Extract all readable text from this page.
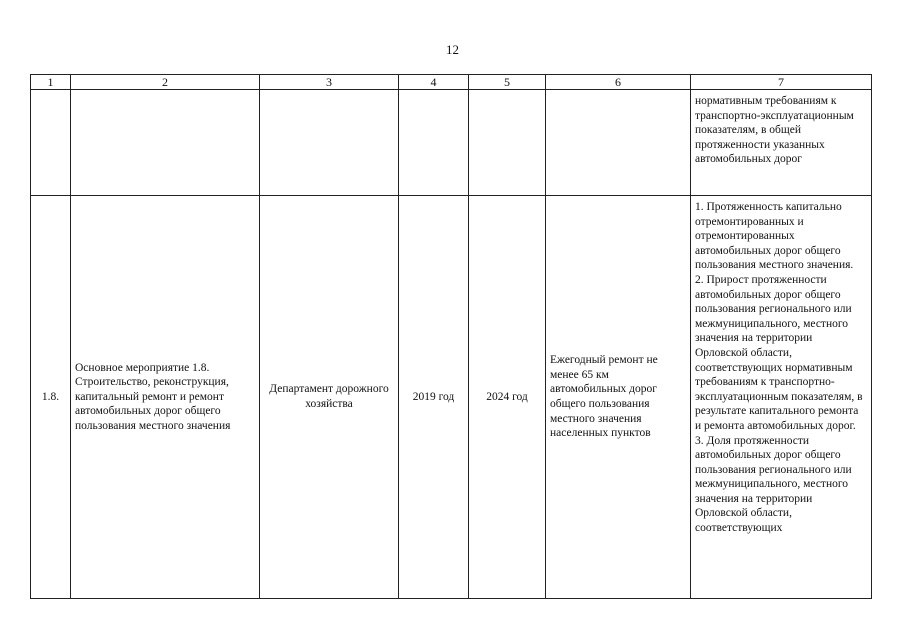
12
1	2	3	4	5	6	7
						нормативным требованиям к транспортно-эксплуатационным показателям, в общей протяженности указанных автомобильных дорог
1.8.	Основное мероприятие 1.8. Строительство, реконструкция, капитальный ремонт и ремонт автомобильных дорог общего пользования местного значения	Департамент дорожного хозяйства	2019 год	2024 год	Ежегодный ремонт не менее 65 км автомобильных дорог общего пользования местного значения населенных пунктов	1. Протяженность капитально отремонтированных и отремонтированных автомобильных дорог общего пользования местного значения.
2. Прирост протяженности автомобильных дорог общего пользования регионального или межмуниципального, местного значения на территории Орловской области, соответствующих нормативным требованиям к транспортно-эксплуатационным показателям, в результате капитального ремонта и ремонта автомобильных дорог.
3. Доля протяженности автомобильных дорог общего пользования регионального или межмуниципального, местного значения на территории Орловской области, соответствующих
